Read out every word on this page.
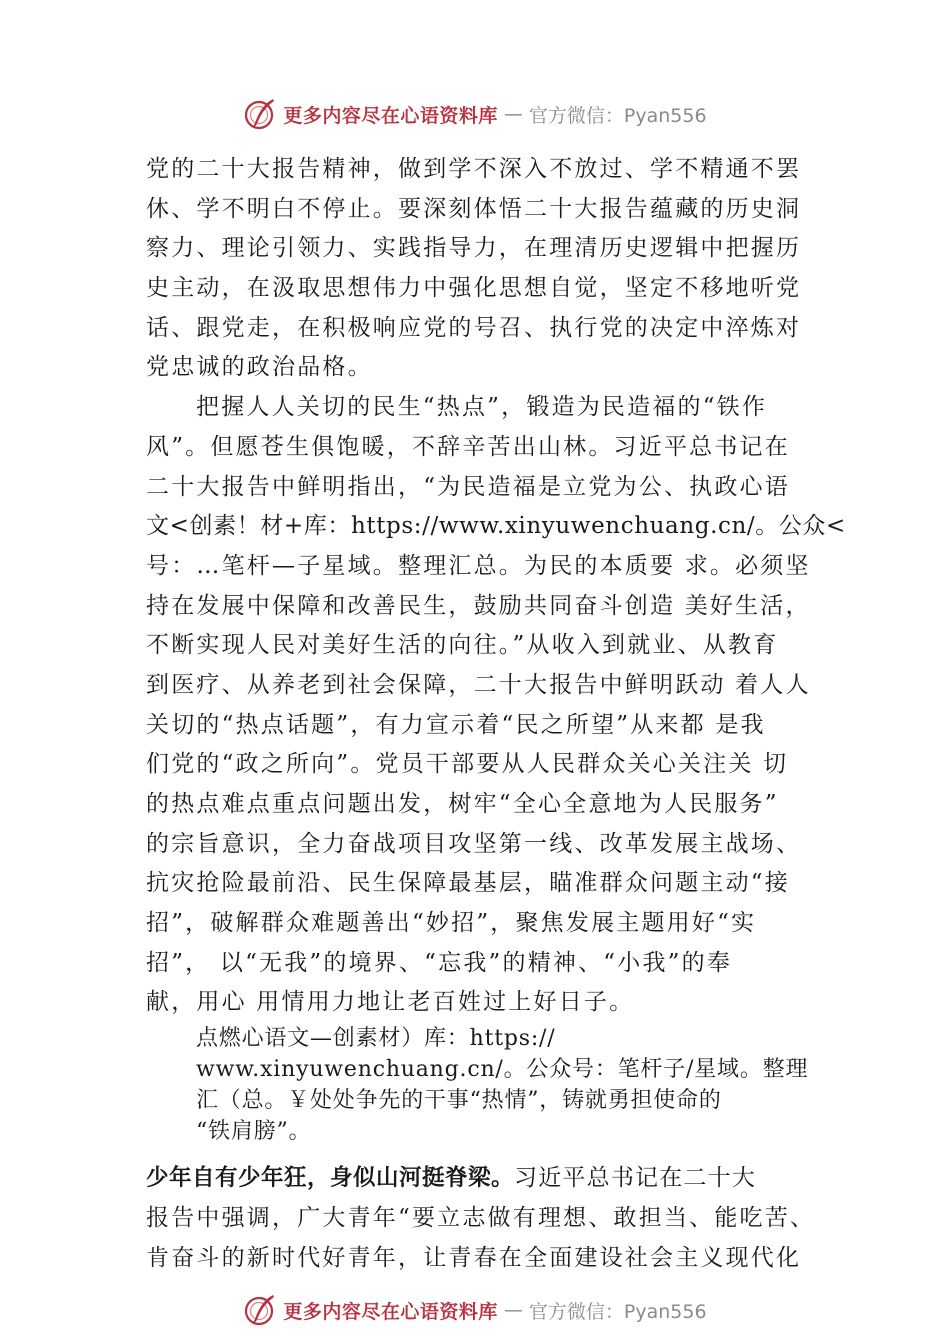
更多内容尽在心语资料库 — 官方微信：Pyan556
党的二十大报告精神，做到学不深入不放过、学不精通不罢
休、学不明白不停止。要深刻体悟二十大报告蕴藏的历史洞
察力、理论引领力、实践指导力，在理清历史逻辑中把握历
史主动，在汲取思想伟力中强化思想自觉，坚定不移地听党
话、跟党走，在积极响应党的号召、执行党的决定中淬炼对
党忠诚的政治品格。
把握人人关切的民生“热点”，锻造为民造福的“铁作
风”。但愿苍生俱饱暖，不辞辛苦出山林。习近平总书记在
二十大报告中鲜明指出，“为民造福是立党为公、执政心语
文<创素！材+库：https://www.xinyuwenchuang.cn/。公众<
号：…笔杆—子星域。整理汇总。为民的本质要 求。必须坚
持在发展中保障和改善民生，鼓励共同奋斗创造 美好生活，
不断实现人民对美好生活的向往。”从收入到就业、从教育
到医疗、从养老到社会保障，二十大报告中鲜明跃动 着人人
关切的“热点话题”，有力宣示着“民之所望”从来都 是我
们党的“政之所向”。党员干部要从人民群众关心关注关 切
的热点难点重点问题出发，树牢“全心全意地为人民服务”
的宗旨意识，全力奋战项目攻坚第一线、改革发展主战场、
抗灾抢险最前沿、民生保障最基层，瞄准群众问题主动“接
招”，破解群众难题善出“妙招”，聚焦发展主题用好“实
招”， 以“无我”的境界、“忘我”的精神、“小我”的奉
献，用心 用情用力地让老百姓过上好日子。
点燃心语文—创素材）库：https://
www.xinyuwenchuang.cn/。公众号：笔杆子/星域。整理
汇（总。￥处处争先的干事“热情”，铸就勇担使命的
“铁肩膀”。
少年自有少年狂，身似山河挺脊梁。习近平总书记在二十大
报告中强调，广大青年“要立志做有理想、敢担当、能吃苦、
肯奋斗的新时代好青年，让青春在全面建设社会主义现代化
更多内容尽在心语资料库 — 官方微信：Pyan556
